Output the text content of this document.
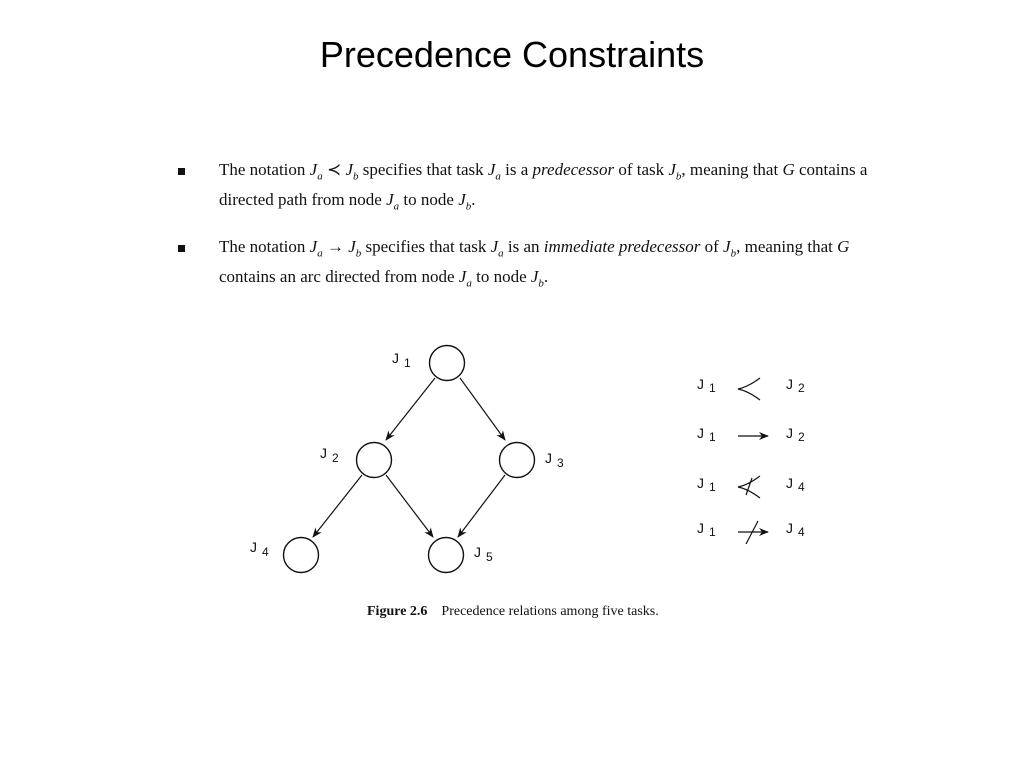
Precedence Constraints
The notation $J_a$ ≺ $J_b$ specifies that task $J_a$ is a predecessor of task $J_b$, meaning that G contains a directed path from node $J_a$ to node $J_b$.
The notation $J_a \to J_b$ specifies that task $J_a$ is an immediate predecessor of $J_b$, meaning that G contains an arc directed from node $J_a$ to node $J_b$.
J 1
J 2	J 3
J 4	J 5
J 1	J 2
J 1	J 2
J 1	J 4
J 1	J 4
Figure 2.6 Precedence relations among five tasks.
